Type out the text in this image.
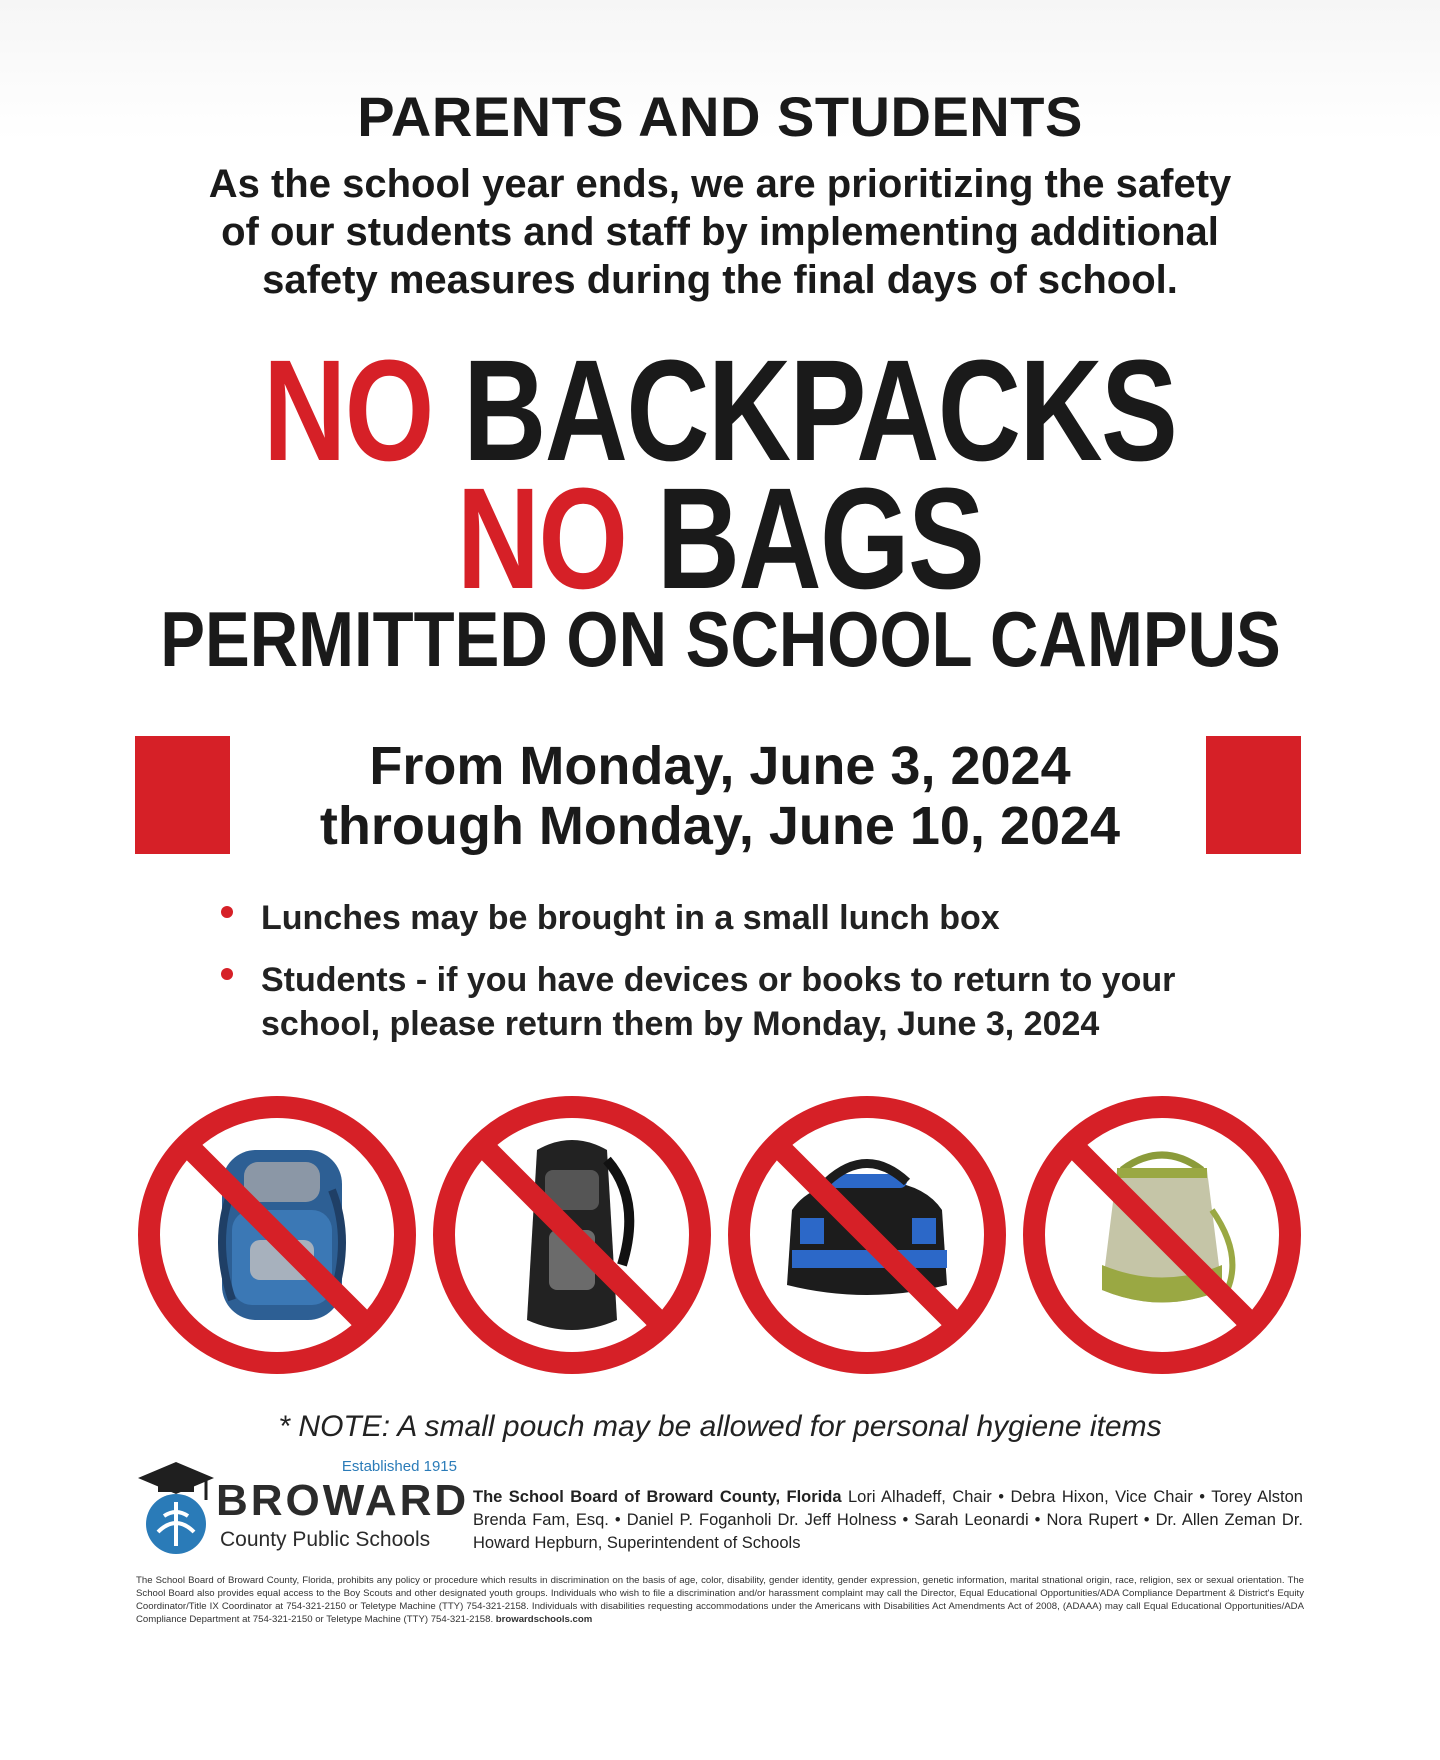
PARENTS AND STUDENTS
As the school year ends, we are prioritizing the safety
of our students and staff by implementing additional
safety measures during the final days of school.
NO BACKPACKS
NO BAGS
PERMITTED ON SCHOOL CAMPUS
From Monday, June 3, 2024
through Monday, June 10, 2024
Lunches may be brought in a small lunch box
Students - if you have devices or books to return to your school, please return them by Monday, June 3, 2024
* NOTE: A small pouch may be allowed for personal hygiene items
Established 1915
BROWARD
County Public Schools
The School Board of Broward County, Florida Lori Alhadeff, Chair • Debra Hixon, Vice Chair • Torey Alston Brenda Fam, Esq. • Daniel P. Foganholi Dr. Jeff Holness • Sarah Leonardi • Nora Rupert • Dr. Allen Zeman Dr. Howard Hepburn, Superintendent of Schools
The School Board of Broward County, Florida, prohibits any policy or procedure which results in discrimination on the basis of age, color, disability, gender identity, gender expression, genetic information, marital stnational origin, race, religion, sex or sexual orientation. The School Board also provides equal access to the Boy Scouts and other designated youth groups. Individuals who wish to file a discrimination and/or harassment complaint may call the Director, Equal Educational Opportunities/ADA Compliance Department & District's Equity Coordinator/Title IX Coordinator at 754-321-2150 or Teletype Machine (TTY) 754-321-2158. Individuals with disabilities requesting accommodations under the Americans with Disabilities Act Amendments Act of 2008, (ADAAA) may call Equal Educational Opportunities/ADA Compliance Department at 754-321-2150 or Teletype Machine (TTY) 754-321-2158. browardschools.com
